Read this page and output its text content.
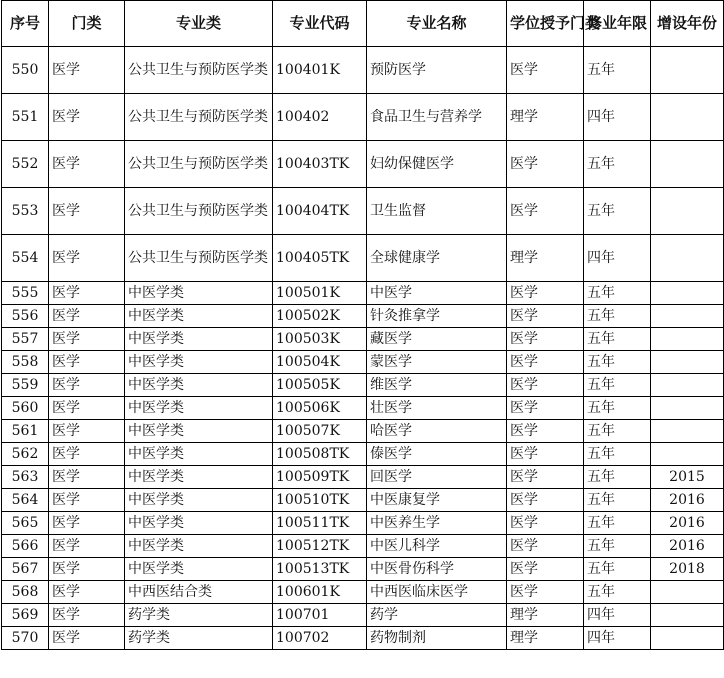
序号	门类	专业类	专业代码	专业名称	学位授予门类	修业年限	增设年份
550	医学	公共卫生与预防医学类	100401K	预防医学	医学	五年	
551	医学	公共卫生与预防医学类	100402	食品卫生与营养学	理学	四年	
552	医学	公共卫生与预防医学类	100403TK	妇幼保健医学	医学	五年	
553	医学	公共卫生与预防医学类	100404TK	卫生监督	医学	五年	
554	医学	公共卫生与预防医学类	100405TK	全球健康学	理学	四年	
555	医学	中医学类	100501K	中医学	医学	五年	
556	医学	中医学类	100502K	针灸推拿学	医学	五年	
557	医学	中医学类	100503K	藏医学	医学	五年	
558	医学	中医学类	100504K	蒙医学	医学	五年	
559	医学	中医学类	100505K	维医学	医学	五年	
560	医学	中医学类	100506K	壮医学	医学	五年	
561	医学	中医学类	100507K	哈医学	医学	五年	
562	医学	中医学类	100508TK	傣医学	医学	五年	
563	医学	中医学类	100509TK	回医学	医学	五年	2015
564	医学	中医学类	100510TK	中医康复学	医学	五年	2016
565	医学	中医学类	100511TK	中医养生学	医学	五年	2016
566	医学	中医学类	100512TK	中医儿科学	医学	五年	2016
567	医学	中医学类	100513TK	中医骨伤科学	医学	五年	2018
568	医学	中西医结合类	100601K	中西医临床医学	医学	五年	
569	医学	药学类	100701	药学	理学	四年	
570	医学	药学类	100702	药物制剂	理学	四年	
